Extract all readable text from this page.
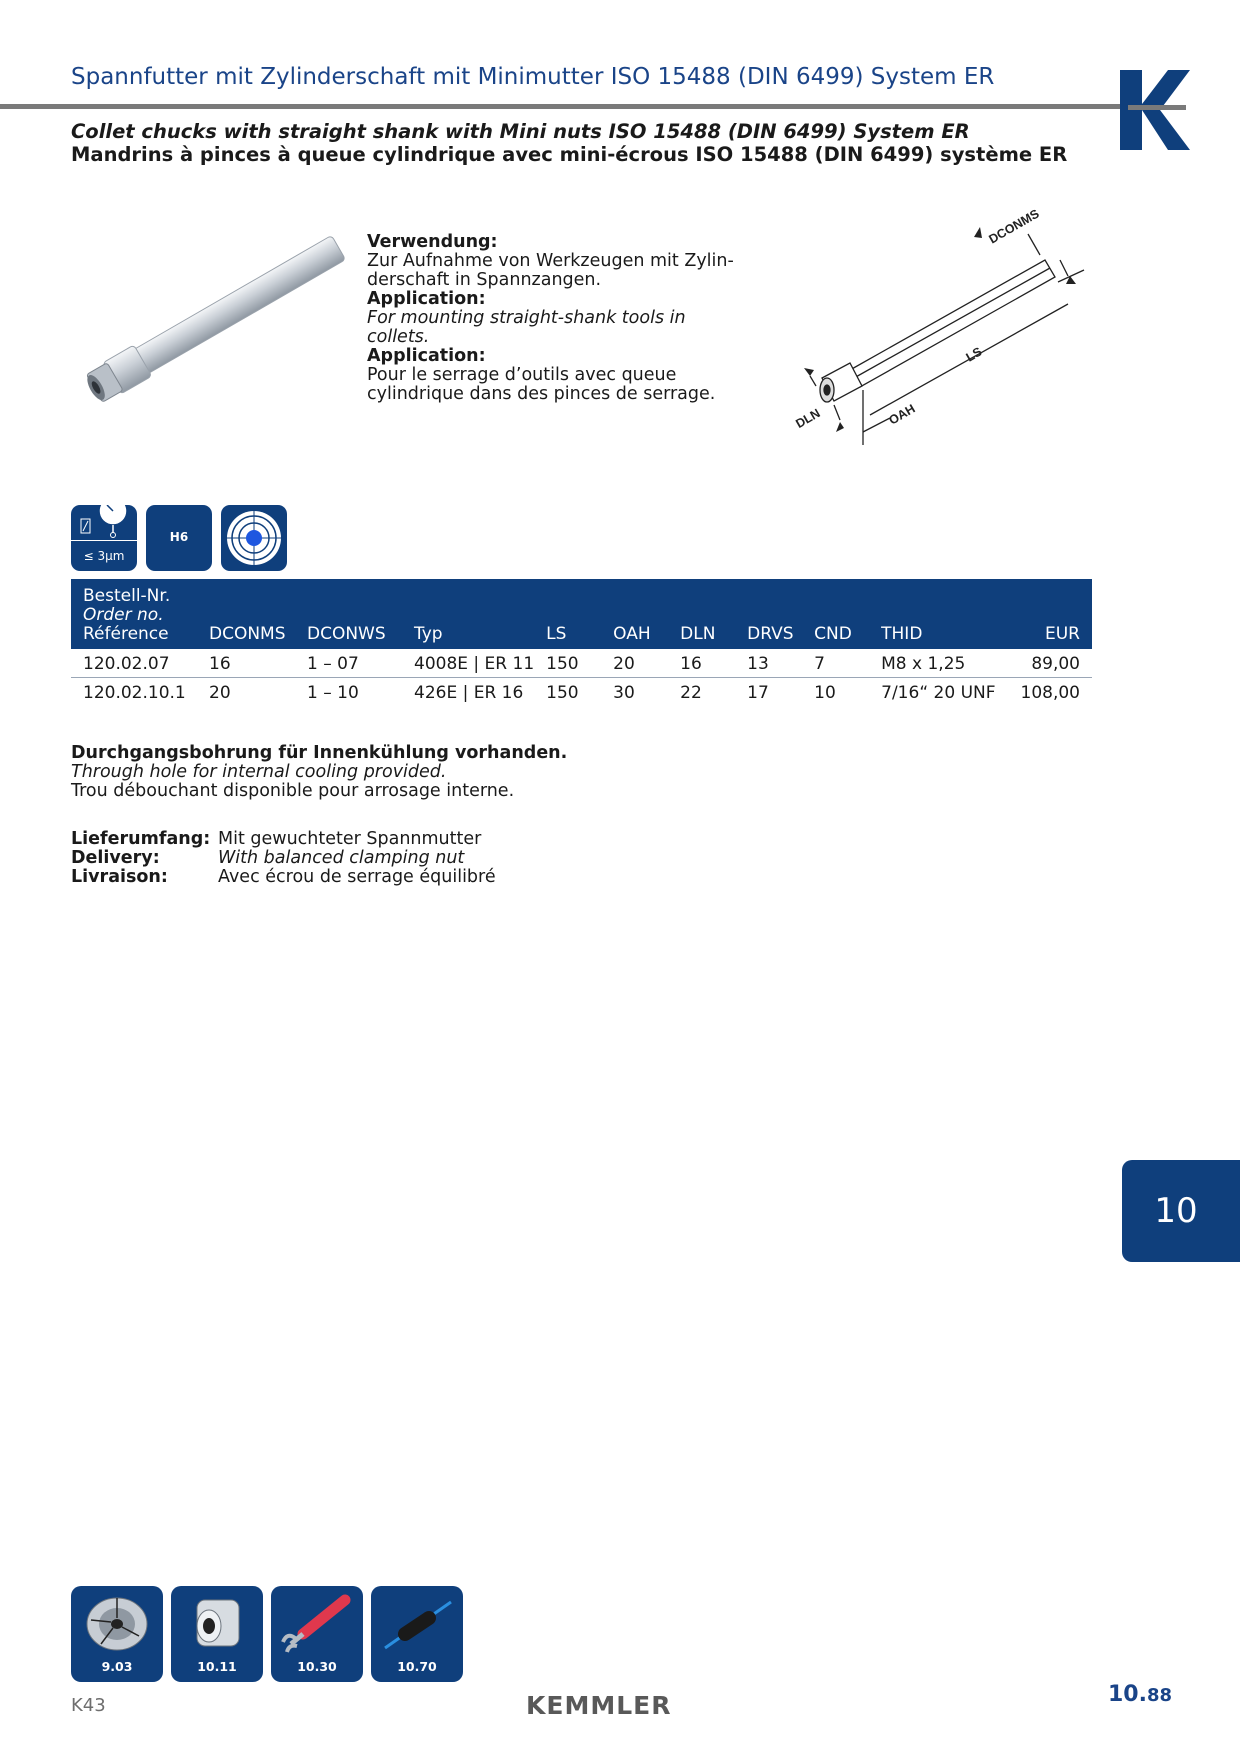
Spannfutter mit Zylinderschaft mit Minimutter ISO 15488 (DIN 6499) System ER
Collet chucks with straight shank with Mini nuts ISO 15488 (DIN 6499) System ER
Mandrins à pinces à queue cylindrique avec mini-écrous ISO 15488 (DIN 6499) système ER
Verwendung:
Zur Aufnahme von Werkzeugen mit Zylin-
derschaft in Spannzangen.
Application:
For mounting straight-shank tools in collets.
Application:
Pour le serrage d’outils avec queue
cylindrique dans des pinces de serrage.
DCONMS
LS
DLN	OAH
≤ 3µm
H6
Bestell-Nr.
Order no.
Référence	DCONMS	DCONWS	Typ	LS	OAH	DLN	DRVS	CND	THID	EUR
120.02.07	16	1 – 07	4008E | ER 11	150	20	16	13	7	M8 x 1,25	89,00
120.02.10.1	20	1 – 10	426E | ER 16	150	30	22	17	10	7/16“ 20 UNF	108,00
Durchgangsbohrung für Innenkühlung vorhanden.
Through hole for internal cooling provided.
Trou débouchant disponible pour arrosage interne.
Lieferumfang: Mit gewuchteter Spannmutter
Delivery:	With balanced clamping nut
Livraison:	Avec écrou de serrage équilibré
10
9.03	10.11	10.30	10.70
K43	KEMMLER	10.88
